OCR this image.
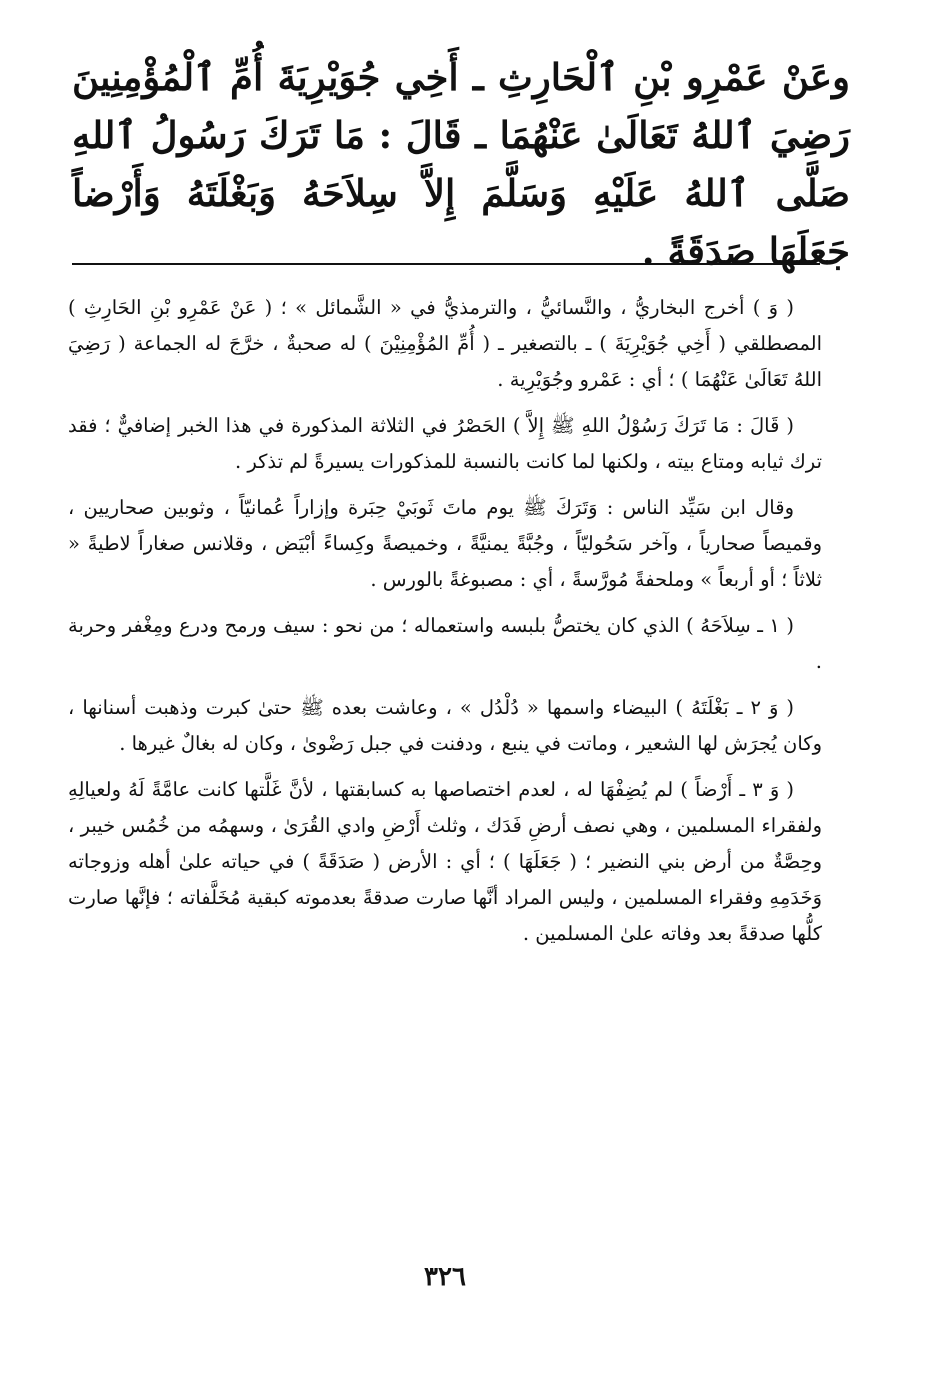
وعَنْ عَمْرِو بْنِ ٱلْحَارِثِ ـ أَخِي جُوَيْرِيَةَ أُمِّ ٱلْمُؤْمِنِينَ رَضِيَ ٱللهُ تَعَالَىٰ عَنْهُمَا ـ قَالَ : مَا تَرَكَ رَسُولُ ٱللهِ صَلَّى ٱللهُ عَلَيْهِ وَسَلَّمَ إِلاَّ سِلاَحَهُ وَبَغْلَتَهُ وَأَرْضاً جَعَلَهَا صَدَقَةً .

( وَ ) أخرج البخاريُّ ، والنَّسائيُّ ، والترمذيُّ في « الشَّمائل » ؛ ( عَنْ عَمْرِو بْنِ الحَارِثِ ) المصطلقي ( أَخِي جُوَيْرِيَةَ ) ـ بالتصغير ـ ( أُمِّ المُؤْمِنِيْنَ ) له صحبةٌ ، خرَّجَ له الجماعة ( رَضِيَ اللهُ تَعَالَىٰ عَنْهُمَا ) ؛ أي : عَمْرو وجُوَيْرِية .

( قَالَ : مَا تَرَكَ رَسُوْلُ اللهِ ﷺ إِلاَّ ) الحَصْرُ في الثلاثة المذكورة في هذا الخبر إضافيٌّ ؛ فقد ترك ثيابه ومتاع بيته ، ولكنها لما كانت بالنسبة للمذكورات يسيرةً لم تذكر .

وقال ابن سَيِّد الناس : وَتَرَكَ ﷺ يوم ماتَ ثَوبَيْ حِبَرة وإزاراً عُمانيّاً ، وثوبين صحاريين ، وقميصاً صحارياً ، وآخر سَحُوليّاً ، وجُبَّةً يمنيَّةً ، وخميصةً وكِساءً أبْيَض ، وقلانس صغاراً لاطيةً « ثلاثاً ؛ أو أربعاً » وملحفةً مُورَّسةً ، أي : مصبوغةً بالورس .

( ١ ـ سِلاَحَهُ ) الذي كان يختصُّ بلبسه واستعماله ؛ من نحو : سيف ورمح ودرع ومِغْفر وحربة .

( وَ ٢ ـ بَغْلَتَهُ ) البيضاء واسمها « دُلْدُل » ، وعاشت بعده ﷺ حتىٰ كبرت وذهبت أسنانها ، وكان يُجرَش لها الشعير ، وماتت في ينبع ، ودفنت في جبل رَضْوىٰ ، وكان له بغالٌ غيرها .

( وَ ٣ ـ أَرْضاً ) لم يُضِفْهَا له ، لعدم اختصاصها به كسابقتها ، لأنَّ غَلَّتها كانت عامَّةً لَهُ ولعيالِهِ ولفقراء المسلمين ، وهي نصف أرضِ فَدَك ، وثلث أَرْضِ وادي القُرَىٰ ، وسهمُه من خُمُس خيبر ، وحِصَّةٌ من أرض بني النضير ؛ ( جَعَلَهَا ) ؛ أي : الأرض ( صَدَقَةً ) في حياته علىٰ أهله وزوجاته وَخَدَمِهِ وفقراء المسلمين ، وليس المراد أنَّها صارت صدقةً بعدموته كبقية مُخَلَّفاته ؛ فإنَّها صارت كلُّها صدقةً بعد وفاته علىٰ المسلمين .

٣٢٦
